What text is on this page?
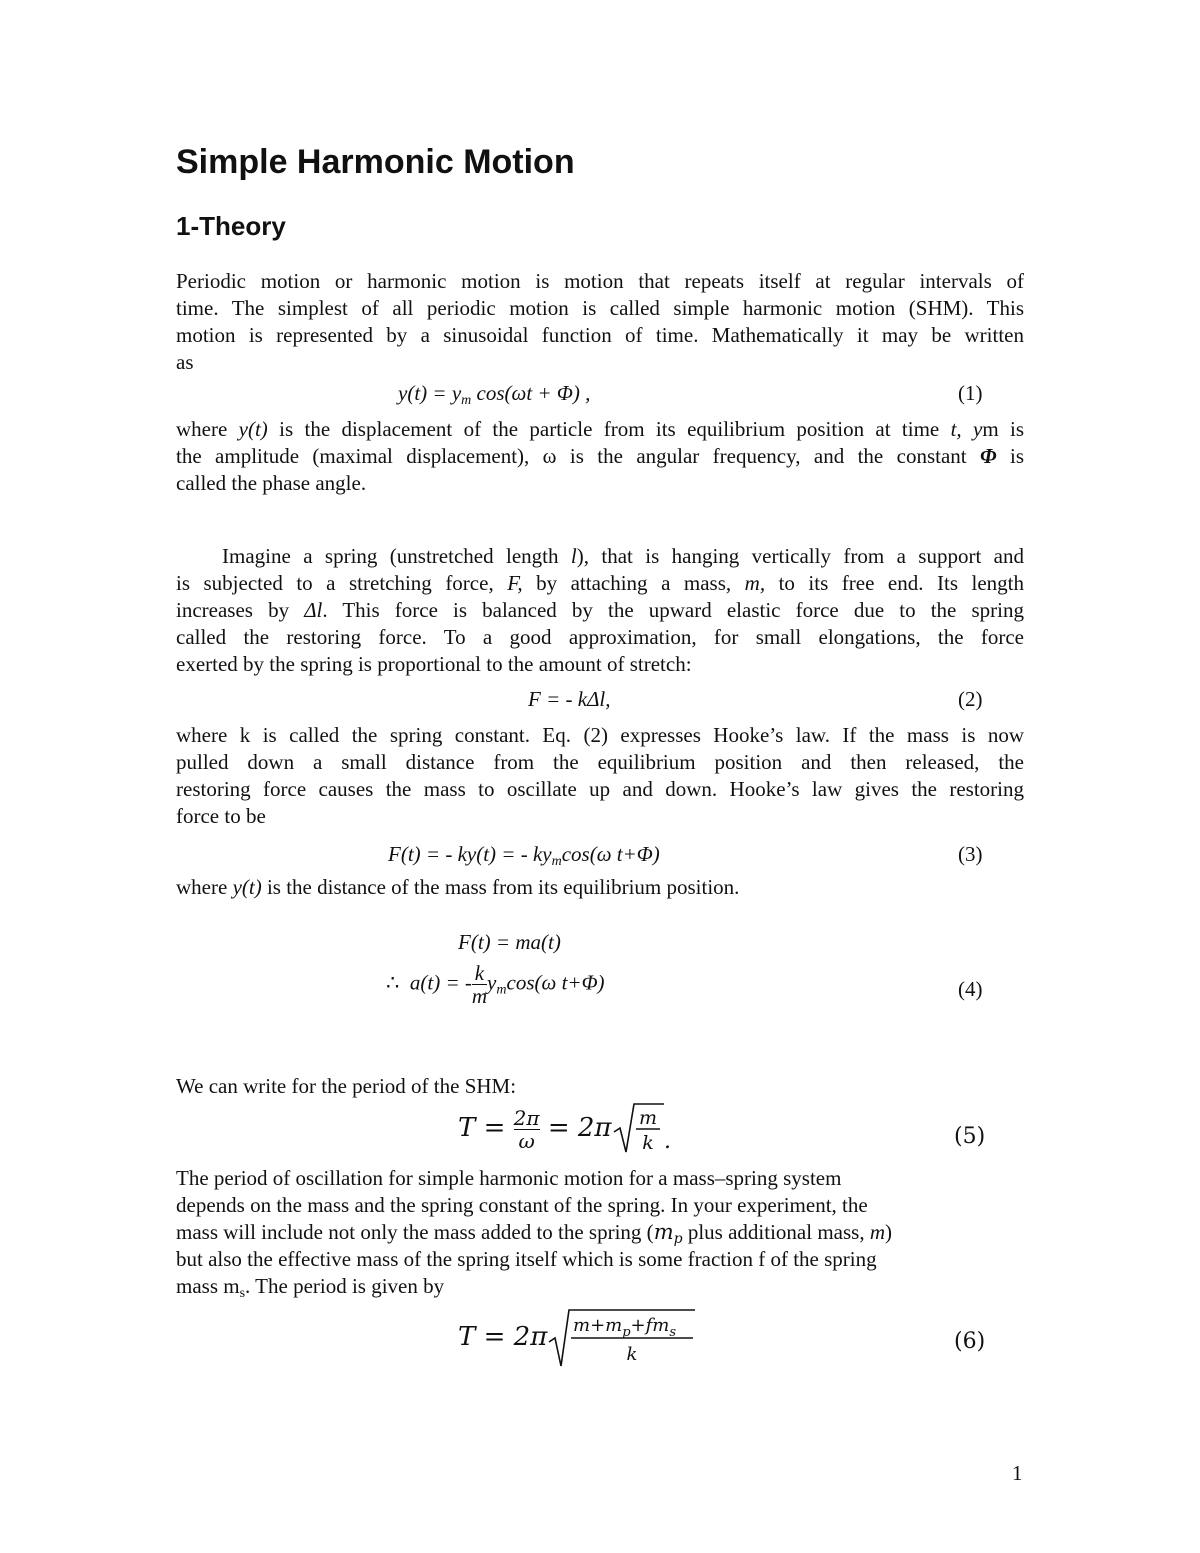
Simple Harmonic Motion
1-Theory
Periodic motion or harmonic motion is motion that repeats itself at regular intervals of
time. The simplest of all periodic motion is called simple harmonic motion (SHM). This
motion is represented by a sinusoidal function of time. Mathematically it may be written
as
$y(t) = y_m$ cos(ωt + Φ) ,	(1)
where y(t) is the displacement of the particle from its equilibrium position at time t, ym is
the amplitude (maximal displacement), ω is the angular frequency, and the constant Φ is
called the phase angle.
Imagine a spring (unstretched length l), that is hanging vertically from a support and
is subjected to a stretching force, F, by attaching a mass, m, to its free end. Its length
increases by Δl. This force is balanced by the upward elastic force due to the spring
called the restoring force. To a good approximation, for small elongations, the force
exerted by the spring is proportional to the amount of stretch:
F = - kΔl,	(2)
where k is called the spring constant. Eq. (2) expresses Hooke’s law. If the mass is now
pulled down a small distance from the equilibrium position and then released, the
restoring force causes the mass to oscillate up and down. Hooke’s law gives the restoring
force to be
F(t) = - ky(t) = - $ky_m\cos(\omega$ t+Φ)	(3)
where y(t) is the distance of the mass from its equilibrium position.
F(t) = ma(t)
∴ a(t) = - $\frac{k}{m} y_m\cos(\omega$ t+Φ)	(4)
We can write for the period of the SHM:
$T = \frac{2\pi}{\omega} = 2\pi$ m
k .	(5)
The period of oscillation for simple harmonic motion for a mass–spring system
depends on the mass and the spring constant of the spring. In your experiment, the
mass will include not only the mass added to the spring ($m_p$ plus additional mass, m)
but also the effective mass of the spring itself which is some fraction f of the spring
mass $m_s$. The period is given by
T = 2π $m+m_p+fm_s$
k
(6)
1
